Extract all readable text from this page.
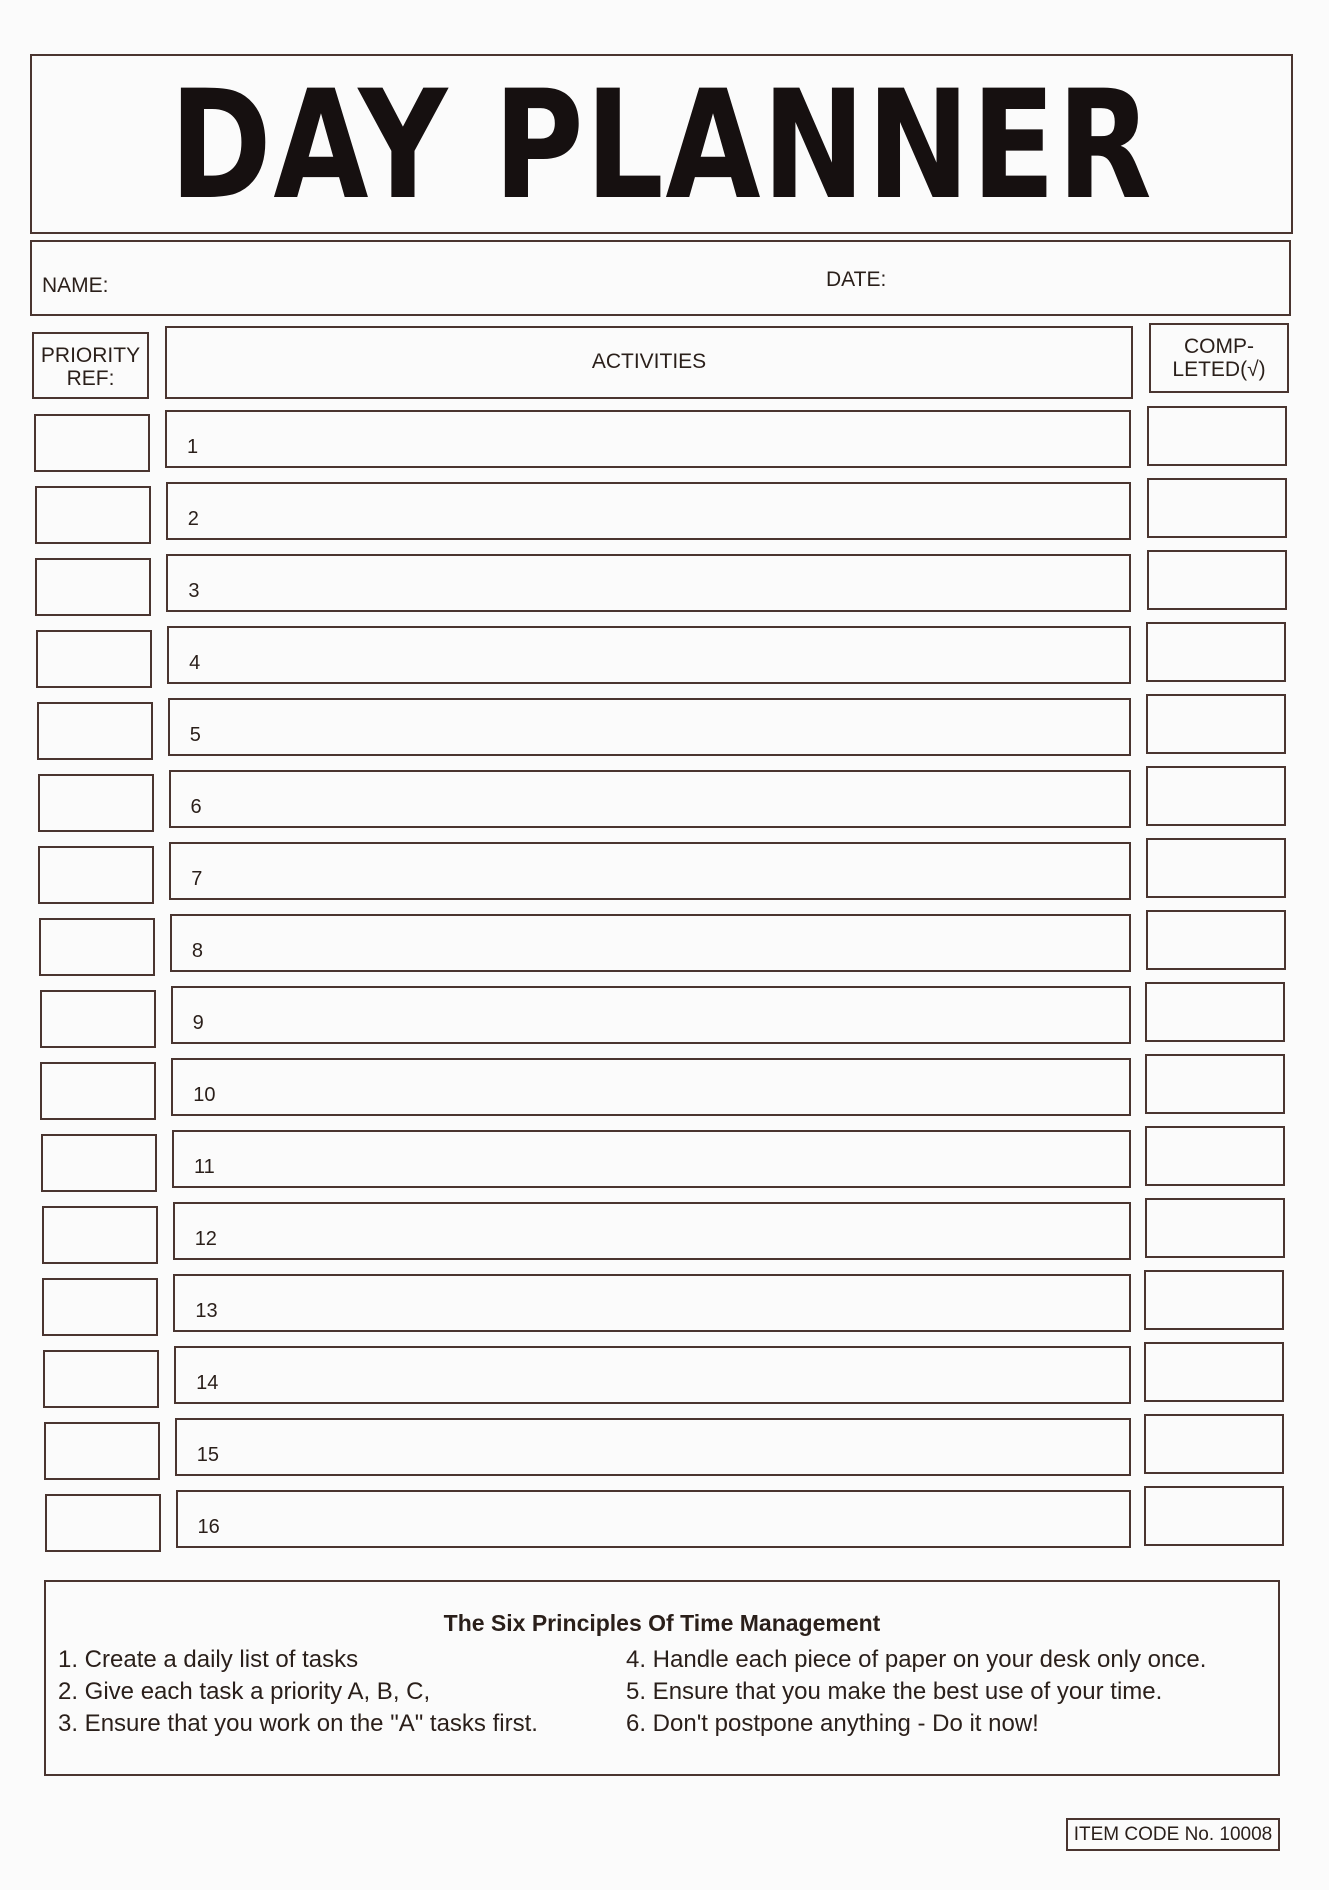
DAY PLANNER
NAME:	DATE:
PRIORITY
REF:
ACTIVITIES
COMP-
LETED(√)
1
2
3
4
5
6
7
8
9
10
11
12
13
14
15
16
The Six Principles Of Time Management
1. Create a daily list of tasks
2. Give each task a priority A, B, C,
3. Ensure that you work on the "A" tasks first.
4. Handle each piece of paper on your desk only once.
5. Ensure that you make the best use of your time.
6. Don't postpone anything - Do it now!
ITEM CODE No. 10008
